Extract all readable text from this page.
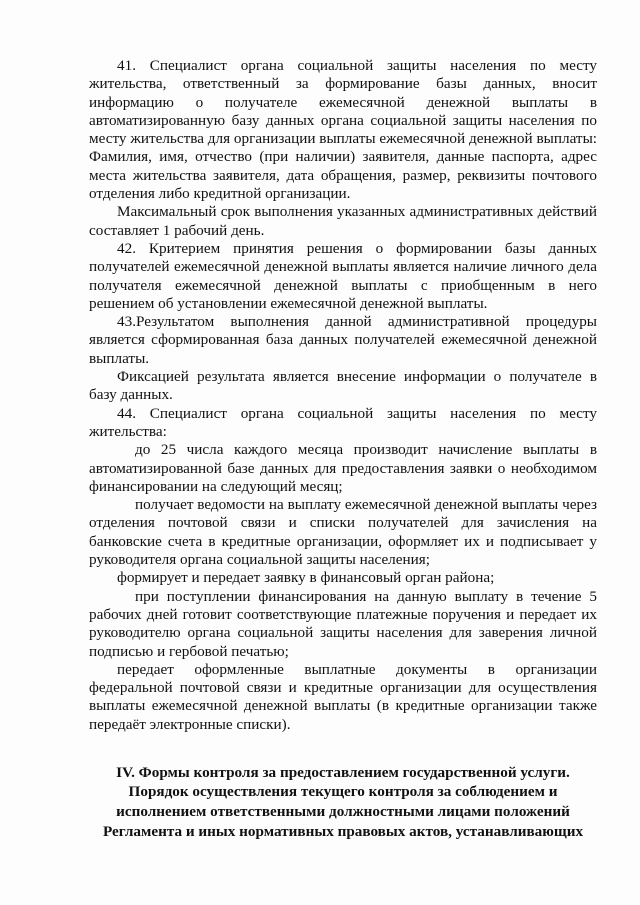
41. Специалист органа социальной защиты населения по месту жительства, ответственный за формирование базы данных, вносит информацию о получателе ежемесячной денежной выплаты в автоматизированную базу данных органа социальной защиты населения по месту жительства для организации выплаты ежемесячной денежной выплаты: Фамилия, имя, отчество (при наличии) заявителя, данные паспорта, адрес места жительства заявителя, дата обращения, размер, реквизиты почтового отделения либо кредитной организации.

Максимальный срок выполнения указанных административных действий составляет 1 рабочий день.

42. Критерием принятия решения о формировании базы данных получателей ежемесячной денежной выплаты является наличие личного дела получателя ежемесячной денежной выплаты с приобщенным в него решением об установлении ежемесячной денежной выплаты.

43.Результатом выполнения данной административной процедуры является сформированная база данных получателей ежемесячной денежной выплаты.

Фиксацией результата является внесение информации о получателе в базу данных.

44. Специалист органа социальной защиты населения по месту жительства:

до 25 числа каждого месяца производит начисление выплаты в автоматизированной базе данных для предоставления заявки о необходимом финансировании на следующий месяц;

получает ведомости на выплату ежемесячной денежной выплаты через отделения почтовой связи и списки получателей для зачисления на банковские счета в кредитные организации, оформляет их и подписывает у руководителя органа социальной защиты населения;

формирует и передает заявку в финансовый орган района;

при поступлении финансирования на данную выплату в течение 5 рабочих дней готовит соответствующие платежные поручения и передает их руководителю органа социальной защиты населения для заверения личной подписью и гербовой печатью;

передает оформленные выплатные документы в организации федеральной почтовой связи и кредитные организации для осуществления выплаты ежемесячной денежной выплаты (в кредитные организации также передаёт электронные списки).

IV. Формы контроля за предоставлением государственной услуги.

Порядок осуществления текущего контроля за соблюдением и исполнением ответственными должностными лицами положений Регламента и иных нормативных правовых актов, устанавливающих
